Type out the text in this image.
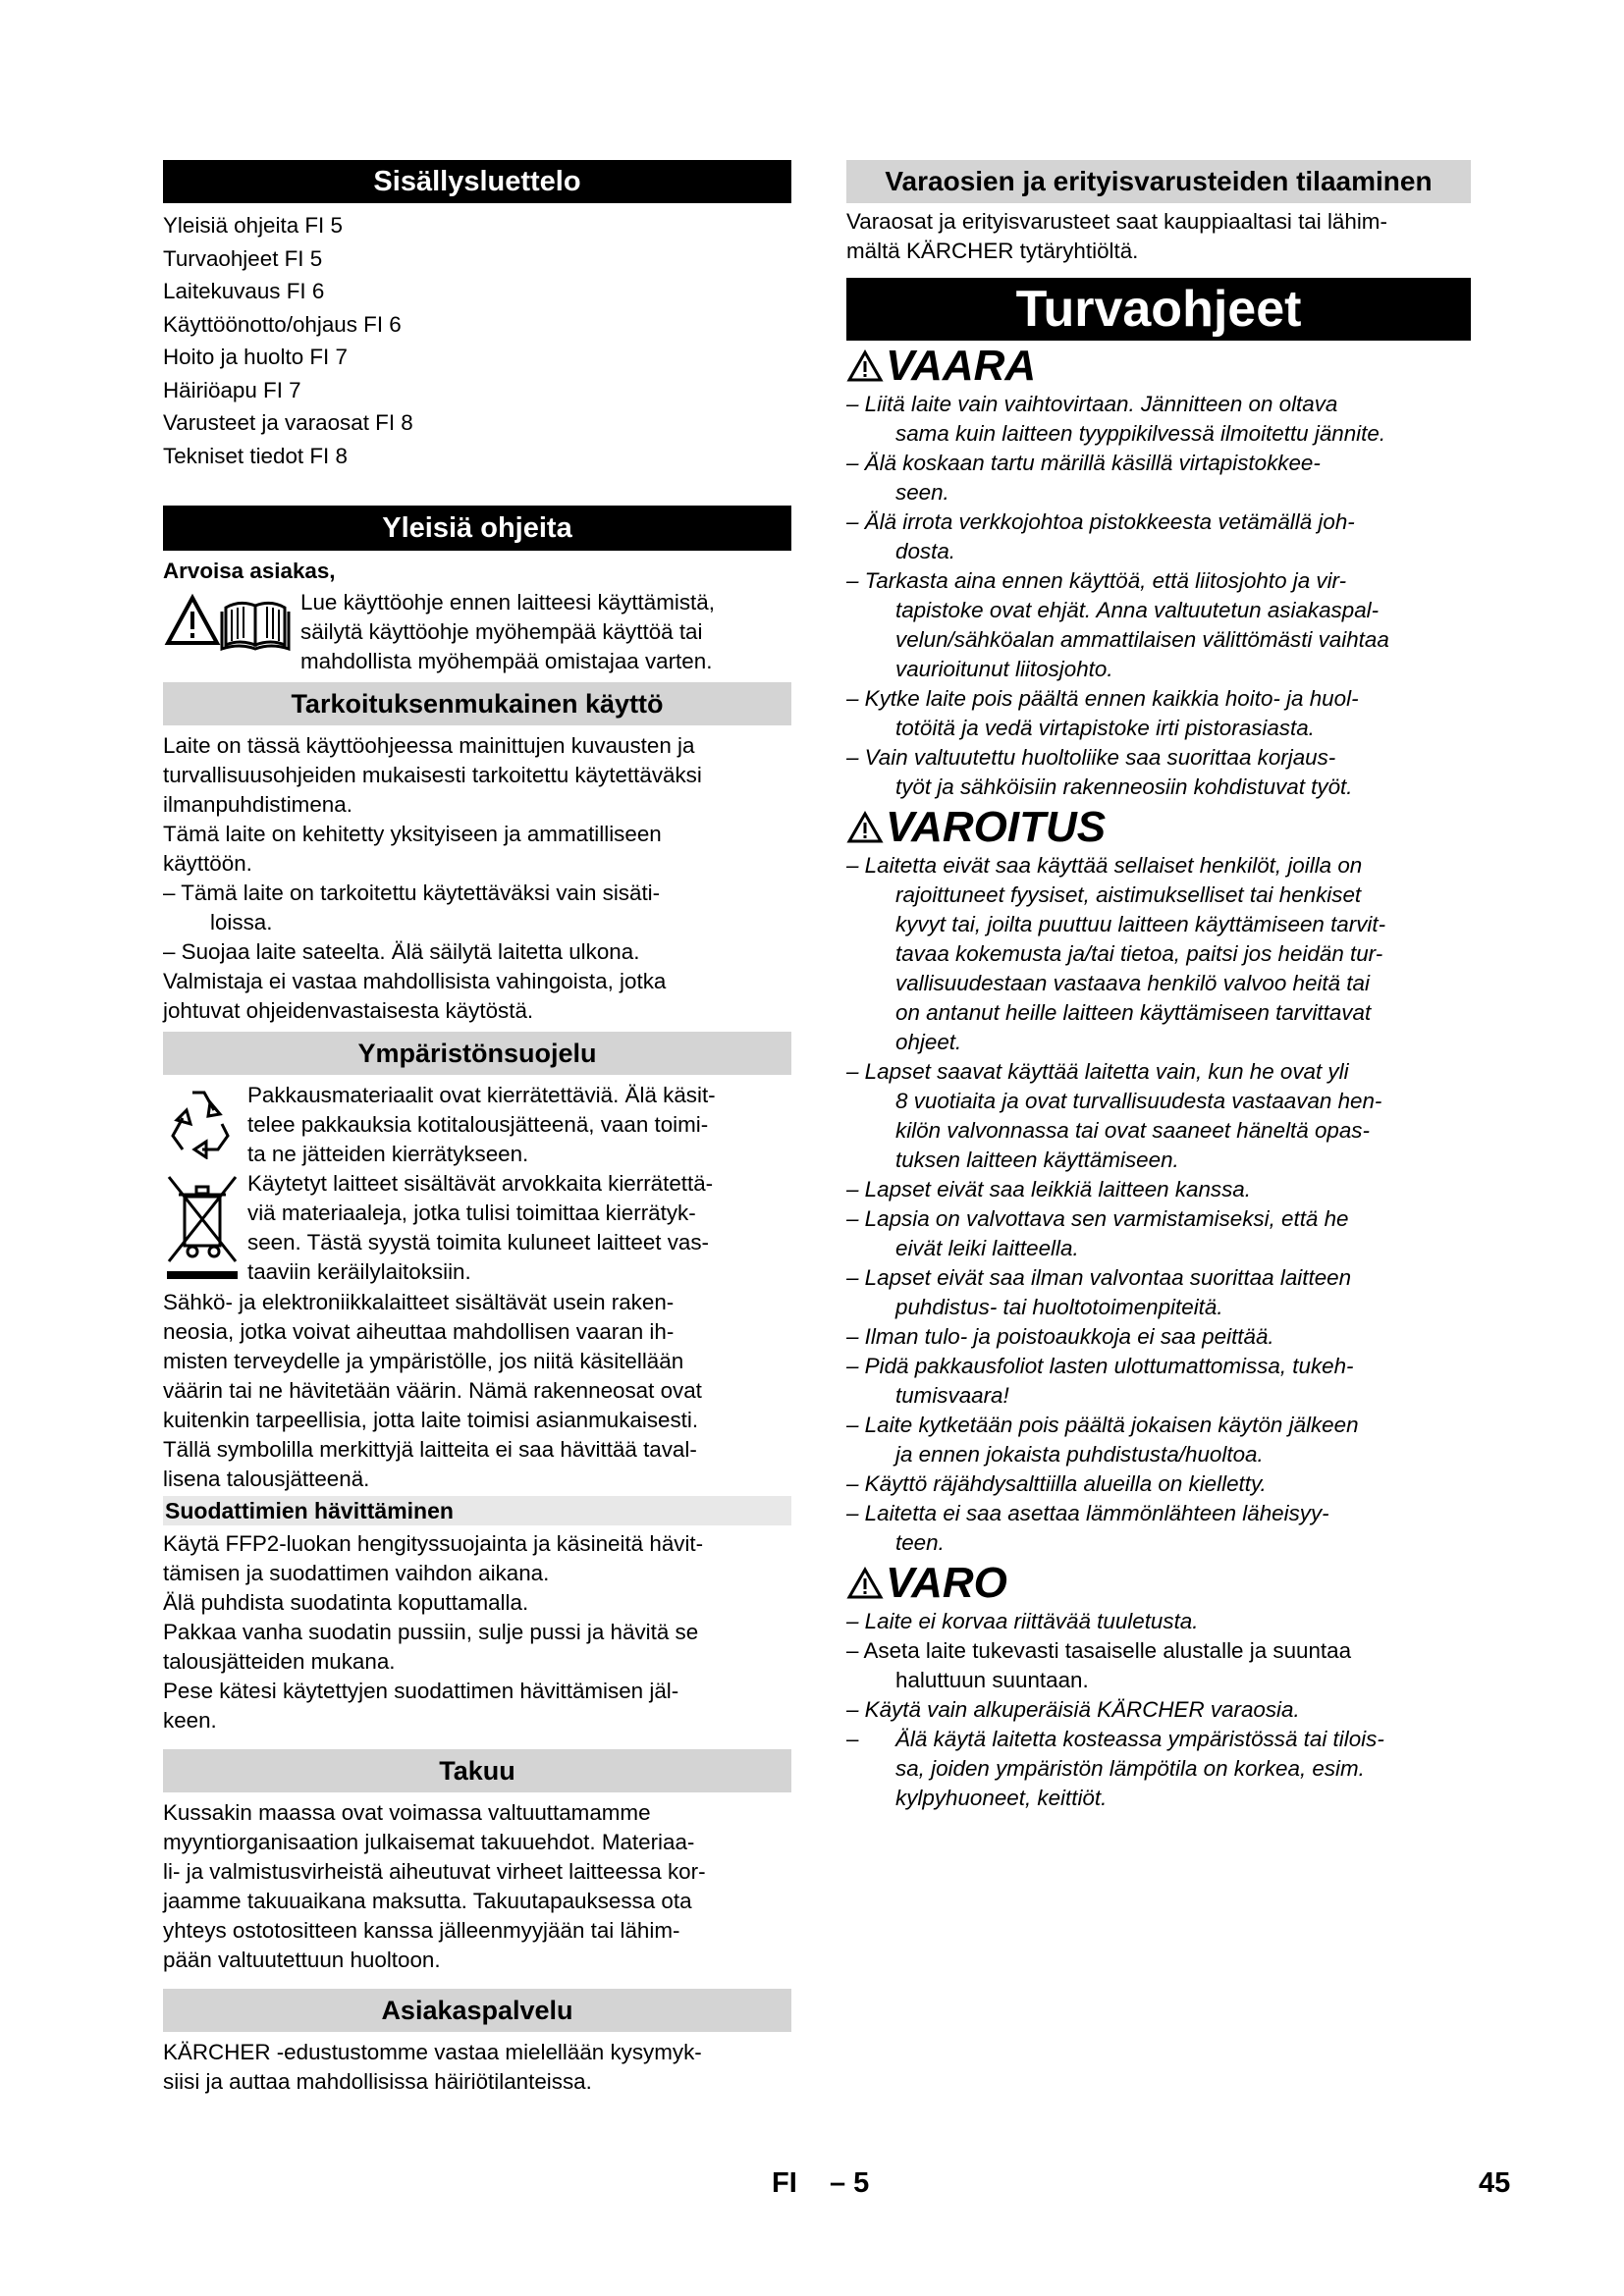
Sisällysluettelo
Yleisiä ohjeita FI 5
Turvaohjeet FI 5
Laitekuvaus FI 6
Käyttöönotto/ohjaus FI 6
Hoito ja huolto FI 7
Häiriöapu FI 7
Varusteet ja varaosat FI 8
Tekniset tiedot FI 8
Yleisiä ohjeita
Arvoisa asiakas,
Lue käyttöohje ennen laitteesi käyttämistä,
säilytä käyttöohje myöhempää käyttöä tai
mahdollista myöhempää omistajaa varten.
Tarkoituksenmukainen käyttö
Laite on tässä käyttöohjeessa mainittujen kuvausten ja
turvallisuusohjeiden mukaisesti tarkoitettu käytettäväksi
ilmanpuhdistimena.
Tämä laite on kehitetty yksityiseen ja ammatilliseen
käyttöön.
– Tämä laite on tarkoitettu käytettäväksi vain sisäti-
loissa.
– Suojaa laite sateelta. Älä säilytä laitetta ulkona.
Valmistaja ei vastaa mahdollisista vahingoista, jotka
johtuvat ohjeidenvastaisesta käytöstä.
Ympäristönsuojelu
Pakkausmateriaalit ovat kierrätettäviä. Älä käsit-
telee pakkauksia kotitalousjätteenä, vaan toimi-
ta ne jätteiden kierrätykseen.
Käytetyt laitteet sisältävät arvokkaita kierrätettä-
viä materiaaleja, jotka tulisi toimittaa kierrätyk-
seen. Tästä syystä toimita kuluneet laitteet vas-
taaviin keräilylaitoksiin.
Sähkö- ja elektroniikkalaitteet sisältävät usein raken-
neosia, jotka voivat aiheuttaa mahdollisen vaaran ih-
misten terveydelle ja ympäristölle, jos niitä käsitellään
väärin tai ne hävitetään väärin. Nämä rakenneosat ovat
kuitenkin tarpeellisia, jotta laite toimisi asianmukaisesti.
Tällä symbolilla merkittyjä laitteita ei saa hävittää taval-
lisena talousjätteenä.
Suodattimien hävittäminen
Käytä FFP2-luokan hengityssuojainta ja käsineitä hävit-
tämisen ja suodattimen vaihdon aikana.
Älä puhdista suodatinta koputtamalla.
Pakkaa vanha suodatin pussiin, sulje pussi ja hävitä se
talousjätteiden mukana.
Pese kätesi käytettyjen suodattimen hävittämisen jäl-
keen.
Takuu
Kussakin maassa ovat voimassa valtuuttamamme
myyntiorganisaation julkaisemat takuuehdot. Materiaa-
li- ja valmistusvirheistä aiheutuvat virheet laitteessa kor-
jaamme takuuaikana maksutta. Takuutapauksessa ota
yhteys ostotositteen kanssa jälleenmyyjään tai lähim-
pään valtuutettuun huoltoon.
Asiakaspalvelu
KÄRCHER -edustustomme vastaa mielellään kysymyk-
siisi ja auttaa mahdollisissa häiriötilanteissa.
Varaosien ja erityisvarusteiden tilaaminen
Varaosat ja erityisvarusteet saat kauppiaaltasi tai lähim-
mältä KÄRCHER tytäryhtiöltä.
Turvaohjeet
VAARA
– Liitä laite vain vaihtovirtaan. Jännitteen on oltava
sama kuin laitteen tyyppikilvessä ilmoitettu jännite.
– Älä koskaan tartu märillä käsillä virtapistokkee-
seen.
– Älä irrota verkkojohtoa pistokkeesta vetämällä joh-
dosta.
– Tarkasta aina ennen käyttöä, että liitosjohto ja vir-
tapistoke ovat ehjät. Anna valtuutetun asiakaspal-
velun/sähköalan ammattilaisen välittömästi vaihtaa
vaurioitunut liitosjohto.
– Kytke laite pois päältä ennen kaikkia hoito- ja huol-
totöitä ja vedä virtapistoke irti pistorasiasta.
– Vain valtuutettu huoltoliike saa suorittaa korjaus-
työt ja sähköisiin rakenneosiin kohdistuvat työt.
VAROITUS
– Laitetta eivät saa käyttää sellaiset henkilöt, joilla on
rajoittuneet fyysiset, aistimukselliset tai henkiset
kyvyt tai, joilta puuttuu laitteen käyttämiseen tarvit-
tavaa kokemusta ja/tai tietoa, paitsi jos heidän tur-
vallisuudestaan vastaava henkilö valvoo heitä tai
on antanut heille laitteen käyttämiseen tarvittavat
ohjeet.
– Lapset saavat käyttää laitetta vain, kun he ovat yli
8 vuotiaita ja ovat turvallisuudesta vastaavan hen-
kilön valvonnassa tai ovat saaneet häneltä opas-
tuksen laitteen käyttämiseen.
– Lapset eivät saa leikkiä laitteen kanssa.
– Lapsia on valvottava sen varmistamiseksi, että he
eivät leiki laitteella.
– Lapset eivät saa ilman valvontaa suorittaa laitteen
puhdistus- tai huoltotoimenpiteitä.
– Ilman tulo- ja poistoaukkoja ei saa peittää.
– Pidä pakkausfoliot lasten ulottumattomissa, tukeh-
tumisvaara!
– Laite kytketään pois päältä jokaisen käytön jälkeen
ja ennen jokaista puhdistusta/huoltoa.
– Käyttö räjähdysalttiilla alueilla on kielletty.
– Laitetta ei saa asettaa lämmönlähteen läheisyy-
teen.
VARO
– Laite ei korvaa riittävää tuuletusta.
– Aseta laite tukevasti tasaiselle alustalle ja suuntaa
haluttuun suuntaan.
– Käytä vain alkuperäisiä KÄRCHER varaosia.
– Älä käytä laitetta kosteassa ympäristössä tai tilois-
sa, joiden ympäristön lämpötila on korkea, esim.
kylpyhuoneet, keittiöt.
FI – 5	45
